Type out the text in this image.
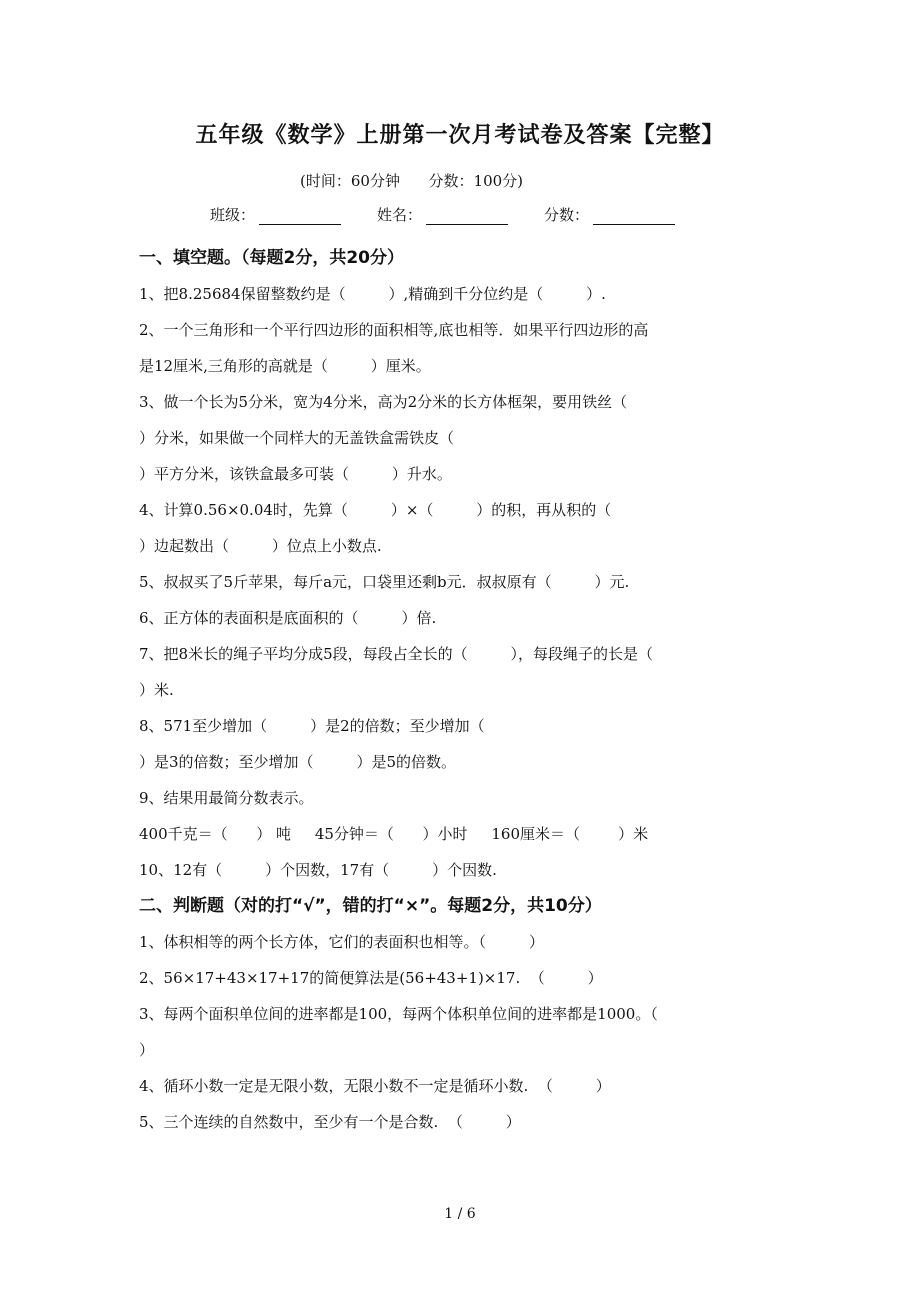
五年级《数学》上册第一次月考试卷及答案【完整】
(时间：60分钟      分数：100分)
班级：	姓名：	分数：
一、填空题。（每题2分，共20分）
1、把8.25684保留整数约是（         ）,精确到千分位约是（         ）.
2、一个三角形和一个平行四边形的面积相等,底也相等．如果平行四边形的高
是12厘米,三角形的高就是（         ）厘米。
3、做一个长为5分米，宽为4分米，高为2分米的长方体框架，要用铁丝（
）分米，如果做一个同样大的无盖铁盒需铁皮（
）平方分米，该铁盒最多可装（         ）升水。
4、计算0.56×0.04时，先算（         ）×（         ）的积，再从积的（
）边起数出（         ）位点上小数点.
5、叔叔买了5斤苹果，每斤a元，口袋里还剩b元．叔叔原有（         ）元.
6、正方体的表面积是底面积的（         ）倍.
7、把8米长的绳子平均分成5段，每段占全长的（         ），每段绳子的长是（
）米.
8、571至少增加（         ）是2的倍数；至少增加（
）是3的倍数；至少增加（         ）是5的倍数。
9、结果用最简分数表示。
400千克＝（      ） 吨     45分钟＝（      ）小时     160厘米＝（        ）米
10、12有（         ）个因数，17有（         ）个因数.
二、判断题（对的打“√”，错的打“×”。每题2分，共10分）
1、体积相等的两个长方体，它们的表面积也相等。（         ）
2、56×17+43×17+17的简便算法是(56+43+1)×17.  （         ）
3、每两个面积单位间的进率都是100，每两个体积单位间的进率都是1000。（
）
4、循环小数一定是无限小数，无限小数不一定是循环小数.  （         ）
5、三个连续的自然数中，至少有一个是合数.  （         ）
1 / 6
